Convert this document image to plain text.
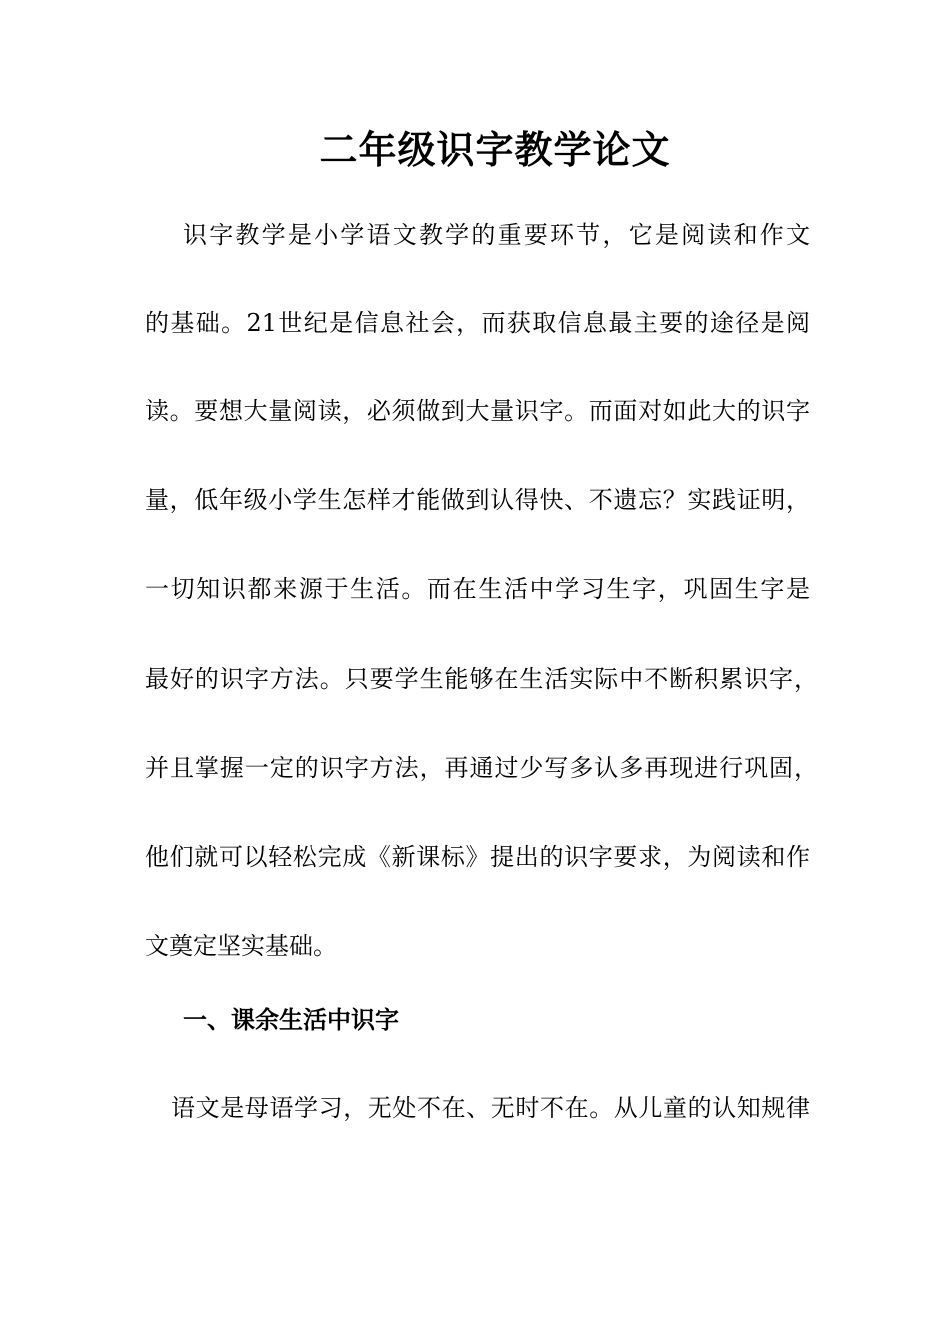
二年级识字教学论文

识字教学是小学语文教学的重要环节，它是阅读和作文

的基础。21世纪是信息社会，而获取信息最主要的途径是阅

读。要想大量阅读，必须做到大量识字。而面对如此大的识字

量，低年级小学生怎样才能做到认得快、不遗忘？实践证明，

一切知识都来源于生活。而在生活中学习生字，巩固生字是

最好的识字方法。只要学生能够在生活实际中不断积累识字，

并且掌握一定的识字方法，再通过少写多认多再现进行巩固，

他们就可以轻松完成《新课标》提出的识字要求，为阅读和作

文奠定坚实基础。

一、课余生活中识字

语文是母语学习，无处不在、无时不在。从儿童的认知规律
